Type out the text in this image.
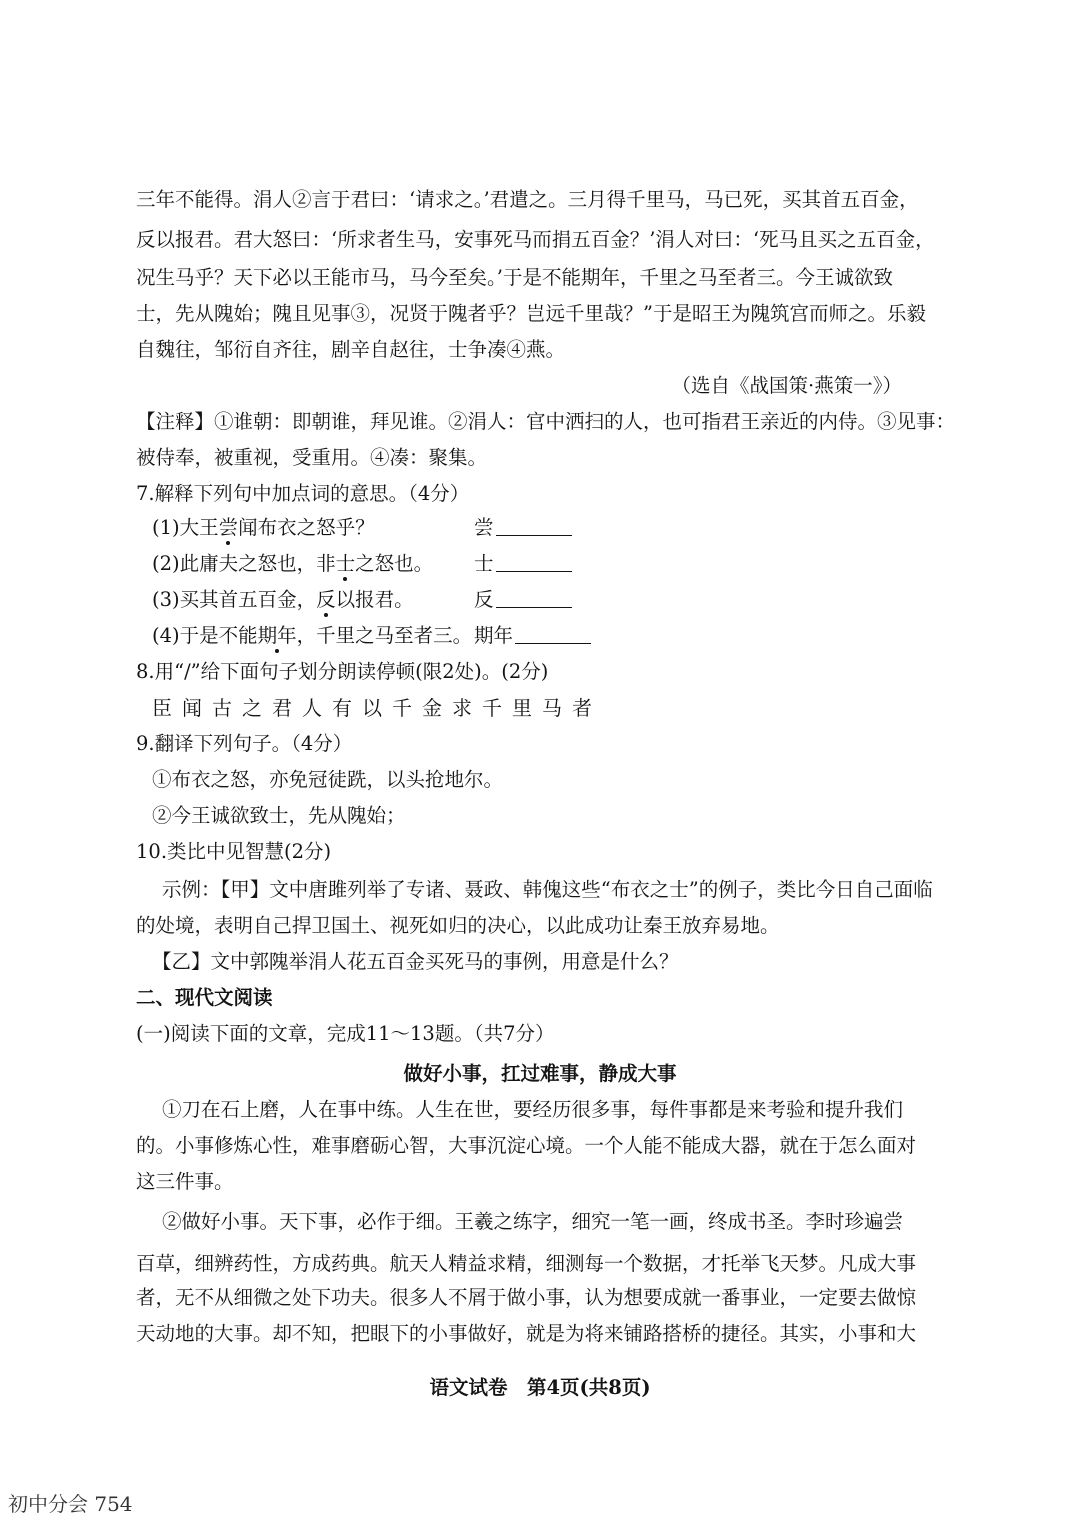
三年不能得。涓人②言于君曰：‘请求之。’君遣之。三月得千里马，马已死，买其首五百金，
反以报君。君大怒曰：‘所求者生马，安事死马而捐五百金？’涓人对曰：‘死马且买之五百金，
况生马乎？天下必以王能市马，马今至矣。’于是不能期年，千里之马至者三。今王诚欲致
士，先从隗始；隗且见事③，况贤于隗者乎？岂远千里哉？”于是昭王为隗筑宫而师之。乐毅
自魏往，邹衍自齐往，剧辛自赵往，士争凑④燕。
（选自《战国策·燕策一》）
【注释】①谁朝：即朝谁，拜见谁。②涓人：官中洒扫的人，也可指君王亲近的内侍。③见事：
被侍奉，被重视，受重用。④凑：聚集。
7.解释下列句中加点词的意思。（4分）
(1)大王尝闻布衣之怒乎？	尝
(2)此庸夫之怒也，非士之怒也。 士
(3)买其首五百金，反以报君。	反
(4)于是不能期年，千里之马至者三。 期年
8.用“/”给下面句子划分朗读停顿(限2处)。(2分)
臣闻古之君人有以千金求千里马者
9.翻译下列句子。（4分）
①布衣之怒，亦免冠徒跣，以头抢地尔。
②今王诚欲致士，先从隗始；
10.类比中见智慧(2分)
示例：【甲】文中唐雎列举了专诸、聂政、韩傀这些“布衣之士”的例子，类比今日自己面临
的处境，表明自己捍卫国土、视死如归的决心，以此成功让秦王放弃易地。
【乙】文中郭隗举涓人花五百金买死马的事例，用意是什么？
二、现代文阅读
(一)阅读下面的文章，完成11～13题。（共7分）
做好小事，扛过难事，静成大事
①刀在石上磨，人在事中练。人生在世，要经历很多事，每件事都是来考验和提升我们
的。小事修炼心性，难事磨砺心智，大事沉淀心境。一个人能不能成大器，就在于怎么面对
这三件事。
②做好小事。天下事，必作于细。王羲之练字，细究一笔一画，终成书圣。李时珍遍尝
百草，细辨药性，方成药典。航天人精益求精，细测每一个数据，才托举飞天梦。凡成大事
者，无不从细微之处下功夫。很多人不屑于做小事，认为想要成就一番事业，一定要去做惊
天动地的大事。却不知，把眼下的小事做好，就是为将来铺路搭桥的捷径。其实，小事和大
语文试卷　第4页(共8页)
初中分会 754
